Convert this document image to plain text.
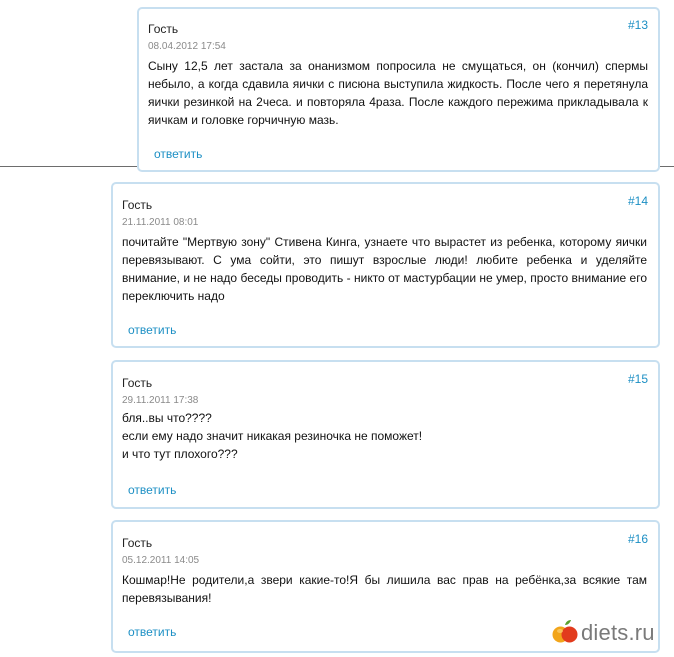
Гость	#13
08.04.2012 17:54

Сыну 12,5 лет застала за онанизмом попросила не смущаться, он (кончил) спермы небыло, а когда сдавила яички с писюна выступила жидкость. После чего я перетянула яички резинкой на 2чеса. и повторяла 4раза. После каждого пережима прикладывала к яичкам и головке горчичную мазь.

ответить
Гость	#14
21.11.2011 08:01

почитайте "Мертвую зону" Стивена Кинга, узнаете что вырастет из ребенка, которому яички перевязывают. С ума сойти, это пишут взрослые люди! любите ребенка и уделяйте внимание, и не надо беседы проводить - никто от мастурбации не умер, просто внимание его переключить надо

ответить
Гость	#15
29.11.2011 17:38

бля..вы что????

если ему надо значит никакая резиночка не поможет!

и что тут плохого???

ответить
Гость	#16
05.12.2011 14:05

Кошмар!Не родители,а звери какие-то!Я бы лишила вас прав на ребёнка,за всякие там перевязывания!

ответить	diets.ru
